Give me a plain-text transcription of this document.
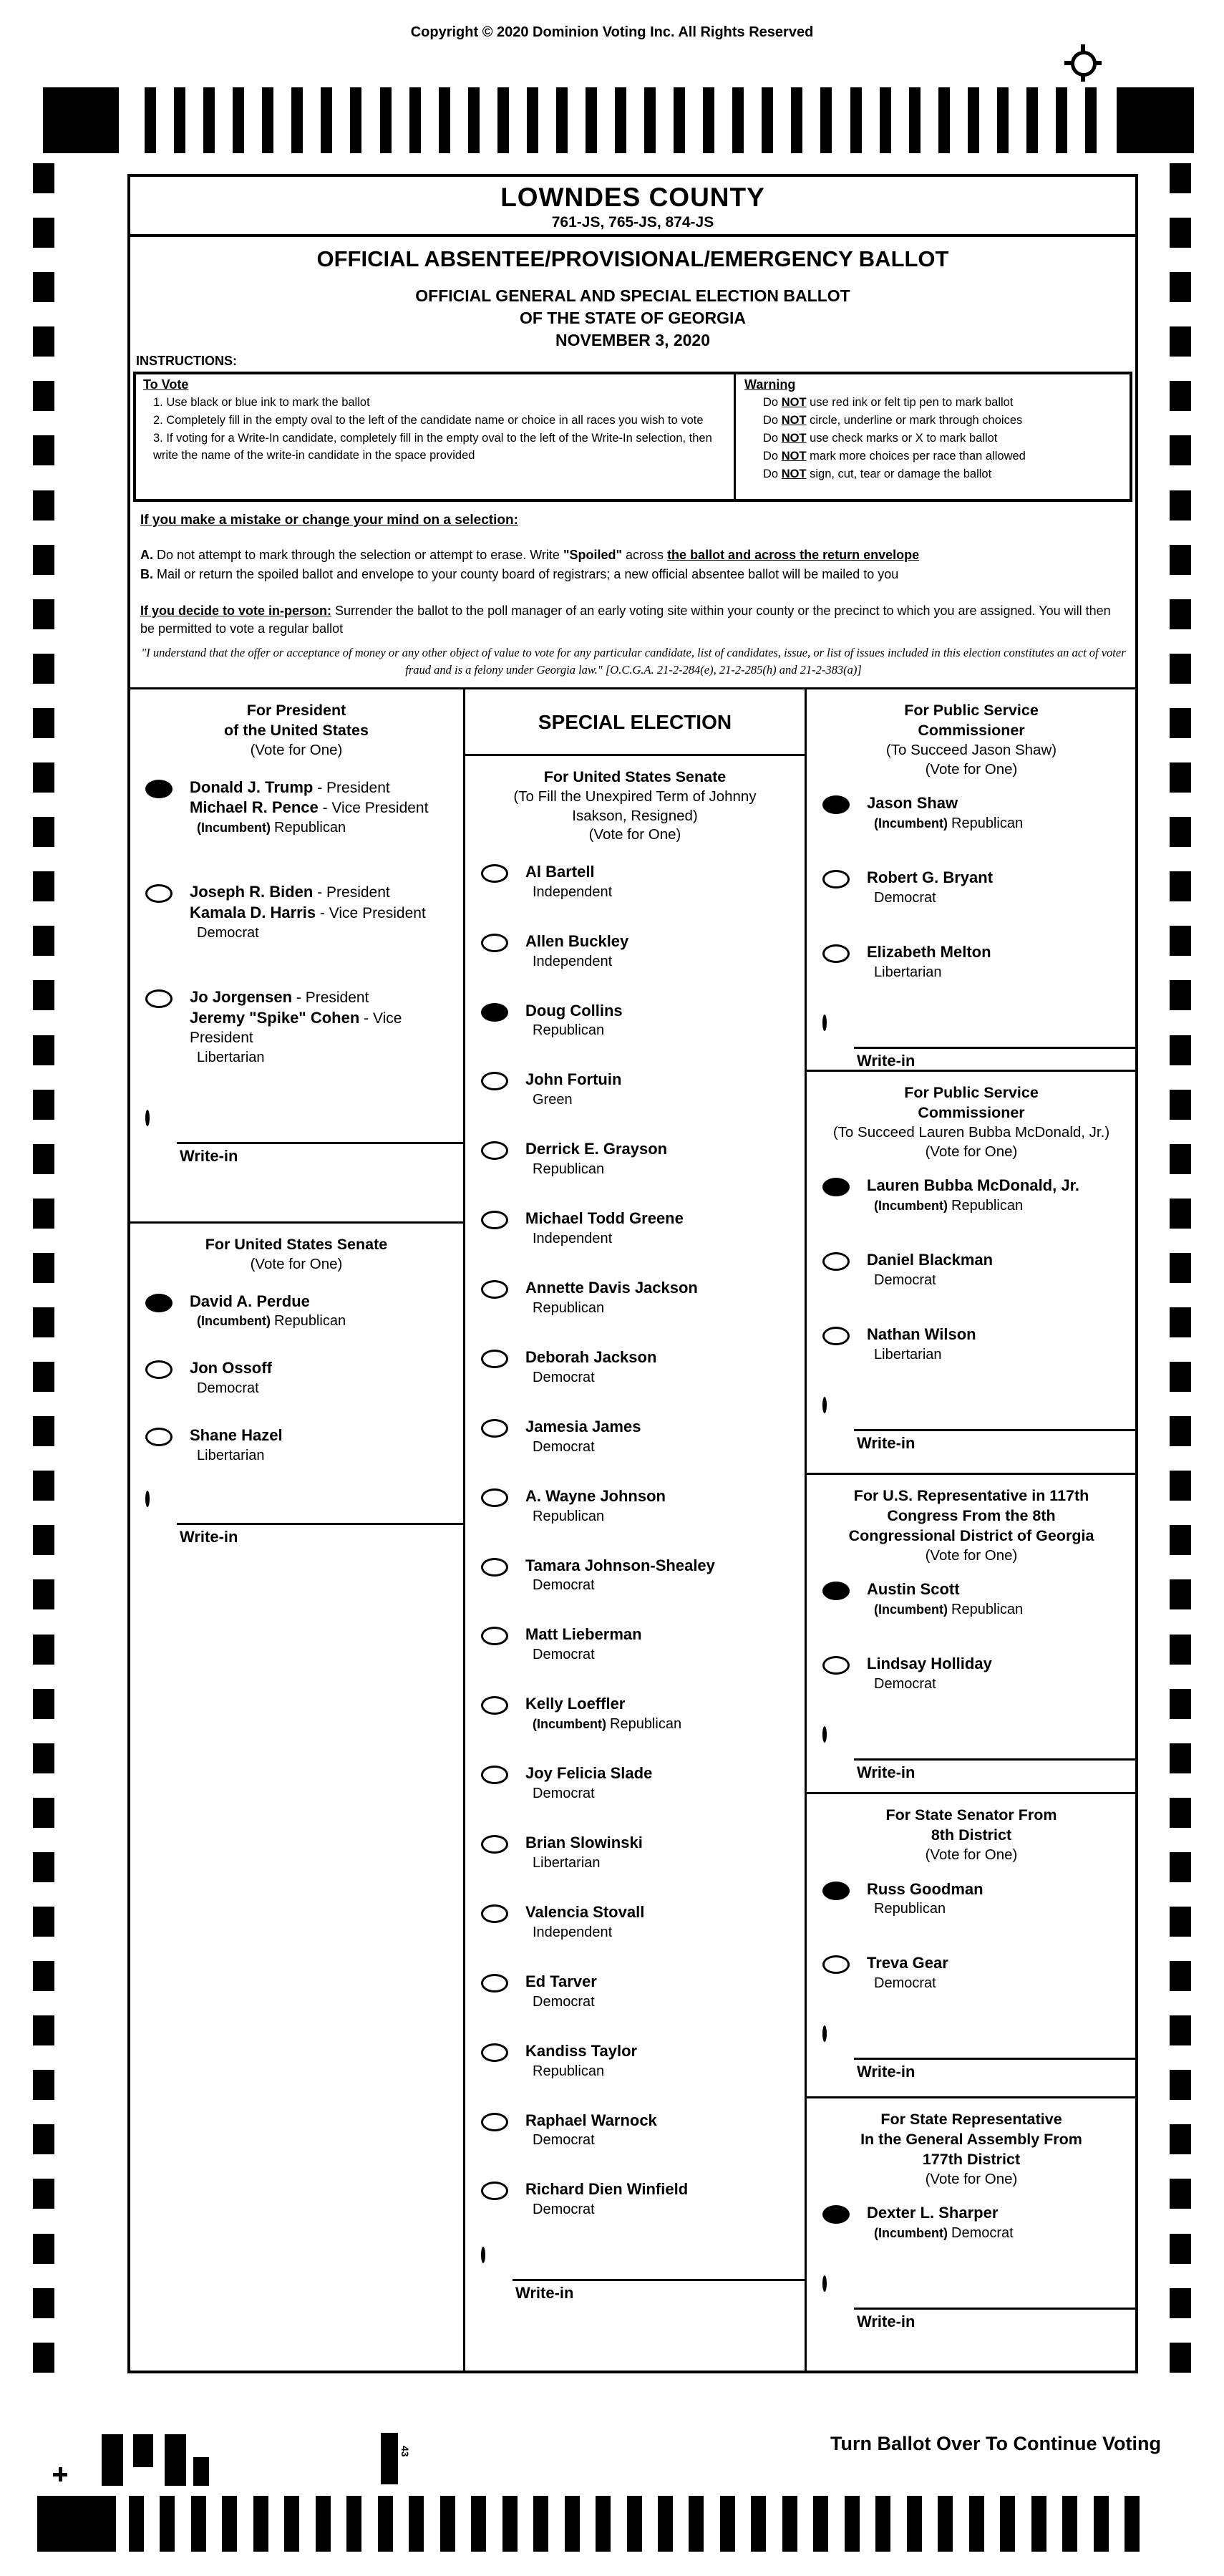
Copyright © 2020 Dominion Voting Inc. All Rights Reserved
LOWNDES COUNTY
761-JS, 765-JS, 874-JS
OFFICIAL ABSENTEE/PROVISIONAL/EMERGENCY BALLOT
OFFICIAL GENERAL AND SPECIAL ELECTION BALLOT
OF THE STATE OF GEORGIA
NOVEMBER 3, 2020
INSTRUCTIONS:
To Vote
1. Use black or blue ink to mark the ballot
2. Completely fill in the empty oval to the left of the candidate name or choice in all races you wish to vote
3. If voting for a Write-In candidate, completely fill in the empty oval to the left of the Write-In selection, then write the name of the write-in candidate in the space provided
Warning
Do NOT use red ink or felt tip pen to mark ballot
Do NOT circle, underline or mark through choices
Do NOT use check marks or X to mark ballot
Do NOT mark more choices per race than allowed
Do NOT sign, cut, tear or damage the ballot
If you make a mistake or change your mind on a selection:
A. Do not attempt to mark through the selection or attempt to erase. Write "Spoiled" across the ballot and across the return envelope
B. Mail or return the spoiled ballot and envelope to your county board of registrars; a new official absentee ballot will be mailed to you
If you decide to vote in-person: Surrender the ballot to the poll manager of an early voting site within your county or the precinct to which you are assigned. You will then be permitted to vote a regular ballot
"I understand that the offer or acceptance of money or any other object of value to vote for any particular candidate, list of candidates, issue, or list of issues included in this election constitutes an act of voter fraud and is a felony under Georgia law." [O.C.G.A. 21-2-284(e), 21-2-285(h) and 21-2-383(a)]
For President
of the United States
(Vote for One)
Donald J. Trump - President
Michael R. Pence - Vice President
(Incumbent) Republican
Joseph R. Biden - President
Kamala D. Harris - Vice President
Democrat
Jo Jorgensen - President
Jeremy "Spike" Cohen - Vice President
Libertarian
Write-in
For United States Senate
(Vote for One)
David A. Perdue
(Incumbent) Republican
Jon Ossoff
Democrat
Shane Hazel
Libertarian
Write-in
SPECIAL ELECTION
For United States Senate
(To Fill the Unexpired Term of Johnny
Isakson, Resigned)
(Vote for One)
Al Bartell
Independent
Allen Buckley
Independent
Doug Collins
Republican
John Fortuin
Green
Derrick E. Grayson
Republican
Michael Todd Greene
Independent
Annette Davis Jackson
Republican
Deborah Jackson
Democrat
Jamesia James
Democrat
A. Wayne Johnson
Republican
Tamara Johnson-Shealey
Democrat
Matt Lieberman
Democrat
Kelly Loeffler
(Incumbent) Republican
Joy Felicia Slade
Democrat
Brian Slowinski
Libertarian
Valencia Stovall
Independent
Ed Tarver
Democrat
Kandiss Taylor
Republican
Raphael Warnock
Democrat
Richard Dien Winfield
Democrat
Write-in
For Public Service
Commissioner
(To Succeed Jason Shaw)
(Vote for One)
Jason Shaw
(Incumbent) Republican
Robert G. Bryant
Democrat
Elizabeth Melton
Libertarian
Write-in
For Public Service
Commissioner
(To Succeed Lauren Bubba McDonald, Jr.)
(Vote for One)
Lauren Bubba McDonald, Jr.
(Incumbent) Republican
Daniel Blackman
Democrat
Nathan Wilson
Libertarian
Write-in
For U.S. Representative in 117th
Congress From the 8th
Congressional District of Georgia
(Vote for One)
Austin Scott
(Incumbent) Republican
Lindsay Holliday
Democrat
Write-in
For State Senator From
8th District
(Vote for One)
Russ Goodman
Republican
Treva Gear
Democrat
Write-in
For State Representative
In the General Assembly From
177th District
(Vote for One)
Dexter L. Sharper
(Incumbent) Democrat
Write-in
43	Turn Ballot Over To Continue Voting
